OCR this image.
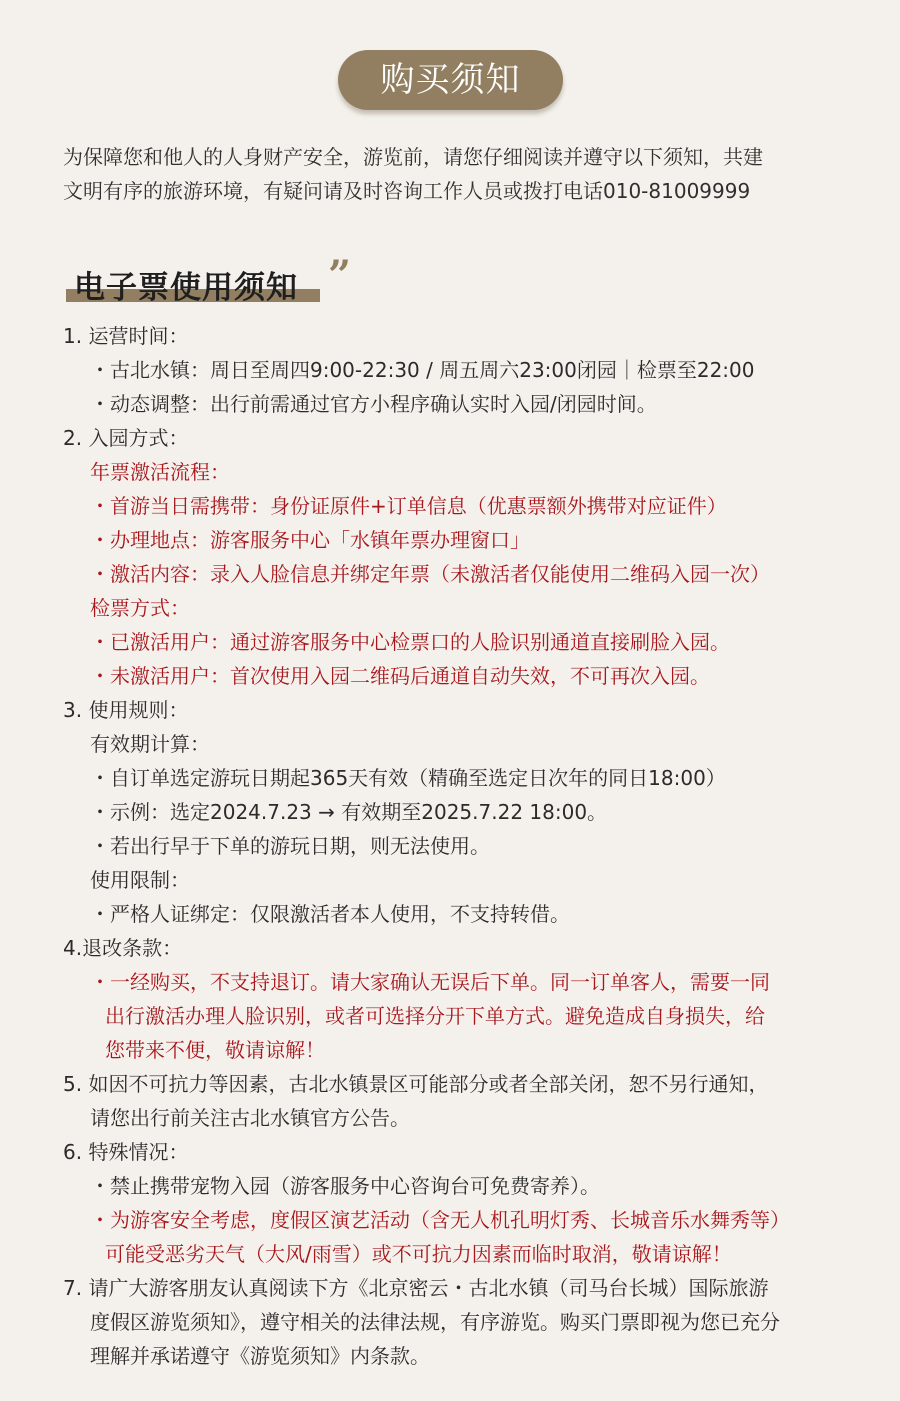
购买须知

为保障您和他人的人身财产安全，游览前，请您仔细阅读并遵守以下须知，共建

文明有序的旅游环境，有疑问请及时咨询工作人员或拨打电话010-81009999

电子票使用须知 ”
1. 运营时间：
・古北水镇：周日至周四9:00-22:30 / 周五周六23:00闭园｜检票至22:00
・动态调整：出行前需通过官方小程序确认实时入园/闭园时间。
2. 入园方式：
年票激活流程：
・首游当日需携带：身份证原件+订单信息（优惠票额外携带对应证件）
・办理地点：游客服务中心「水镇年票办理窗口」
・激活内容：录入人脸信息并绑定年票（未激活者仅能使用二维码入园一次）
检票方式：
・已激活用户：通过游客服务中心检票口的人脸识别通道直接刷脸入园。
・未激活用户：首次使用入园二维码后通道自动失效，不可再次入园。
3. 使用规则：
有效期计算：
・自订单选定游玩日期起365天有效（精确至选定日次年的同日18:00）
・示例：选定2024.7.23 → 有效期至2025.7.22 18:00。
・若出行早于下单的游玩日期，则无法使用。
使用限制：
・严格人证绑定：仅限激活者本人使用，不支持转借。
4.退改条款：
・一经购买，不支持退订。请大家确认无误后下单。同一订单客人，需要一同
出行激活办理人脸识别，或者可选择分开下单方式。避免造成自身损失，给
您带来不便，敬请谅解！
5. 如因不可抗力等因素，古北水镇景区可能部分或者全部关闭，恕不另行通知，
请您出行前关注古北水镇官方公告。
6. 特殊情况：
・禁止携带宠物入园（游客服务中心咨询台可免费寄养）。
・为游客安全考虑，度假区演艺活动（含无人机孔明灯秀、长城音乐水舞秀等）
可能受恶劣天气（大风/雨雪）或不可抗力因素而临时取消，敬请谅解！
7. 请广大游客朋友认真阅读下方《北京密云・古北水镇（司马台长城）国际旅游
度假区游览须知》，遵守相关的法律法规，有序游览。购买门票即视为您已充分
理解并承诺遵守《游览须知》内条款。
